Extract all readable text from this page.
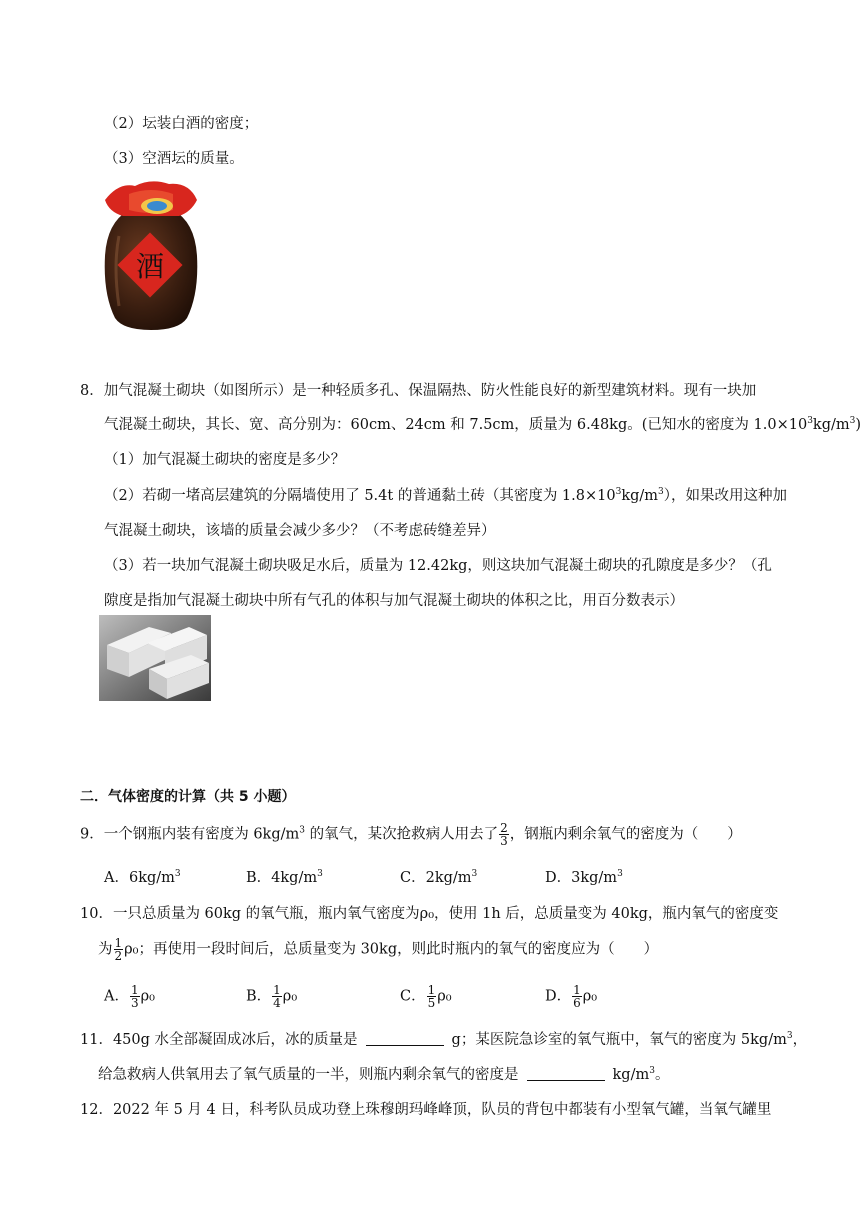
（2）坛装白酒的密度；
（3）空酒坛的质量。
酒
8．加气混凝土砌块（如图所示）是一种轻质多孔、保温隔热、防火性能良好的新型建筑材料。现有一块加
气混凝土砌块，其长、宽、高分别为：60cm、24cm 和 7.5cm，质量为 6.48kg。(已知水的密度为 $1.0\times 10^3kg/m^3$)
（1）加气混凝土砌块的密度是多少？
（2）若砌一堵高层建筑的分隔墙使用了 5.4t 的普通黏土砖（其密度为 $1.8\times 10^3kg/m^3$），如果改用这种加
气混凝土砌块，该墙的质量会减少多少？（不考虑砖缝差异）
（3）若一块加气混凝土砌块吸足水后，质量为 12.42kg，则这块加气混凝土砌块的孔隙度是多少？（孔
隙度是指加气混凝土砌块中所有气孔的体积与加气混凝土砌块的体积之比，用百分数表示）
二．气体密度的计算（共 5 小题）
9．一个钢瓶内装有密度为 $6kg/m^3$ 的氧气，某次抢救病人用去了 $\frac{2}{3}$ ，钢瓶内剩余氧气的密度为（　　）
A．$6kg/m^3$	B．$4kg/m^3$	C．$2kg/m^3$	D．$3kg/m^3$
10．一只总质量为 60kg 的氧气瓶，瓶内氧气密度为ρ₀，使用 1h 后，总质量变为 40kg，瓶内氧气的密度变
为 $\frac{1}{2} \rho_0$；再使用一段时间后，总质量变为 30kg，则此时瓶内的氧气的密度应为（　　）
A． $\frac{1}{3} \rho_0$	B． $\frac{1}{4} \rho_0$	C． $\frac{1}{5} \rho_0$	D． $\frac{1}{6} \rho_0$
11．450g 水全部凝固成冰后，冰的质量是	g；某医院急诊室的氧气瓶中，氧气的密度为 $5kg/m^3$，
给急救病人供氧用去了氧气质量的一半，则瓶内剩余氧气的密度是	$kg/m^3$。
12．2022 年 5 月 4 日，科考队员成功登上珠穆朗玛峰峰顶，队员的背包中都装有小型氧气罐，当氧气罐里
